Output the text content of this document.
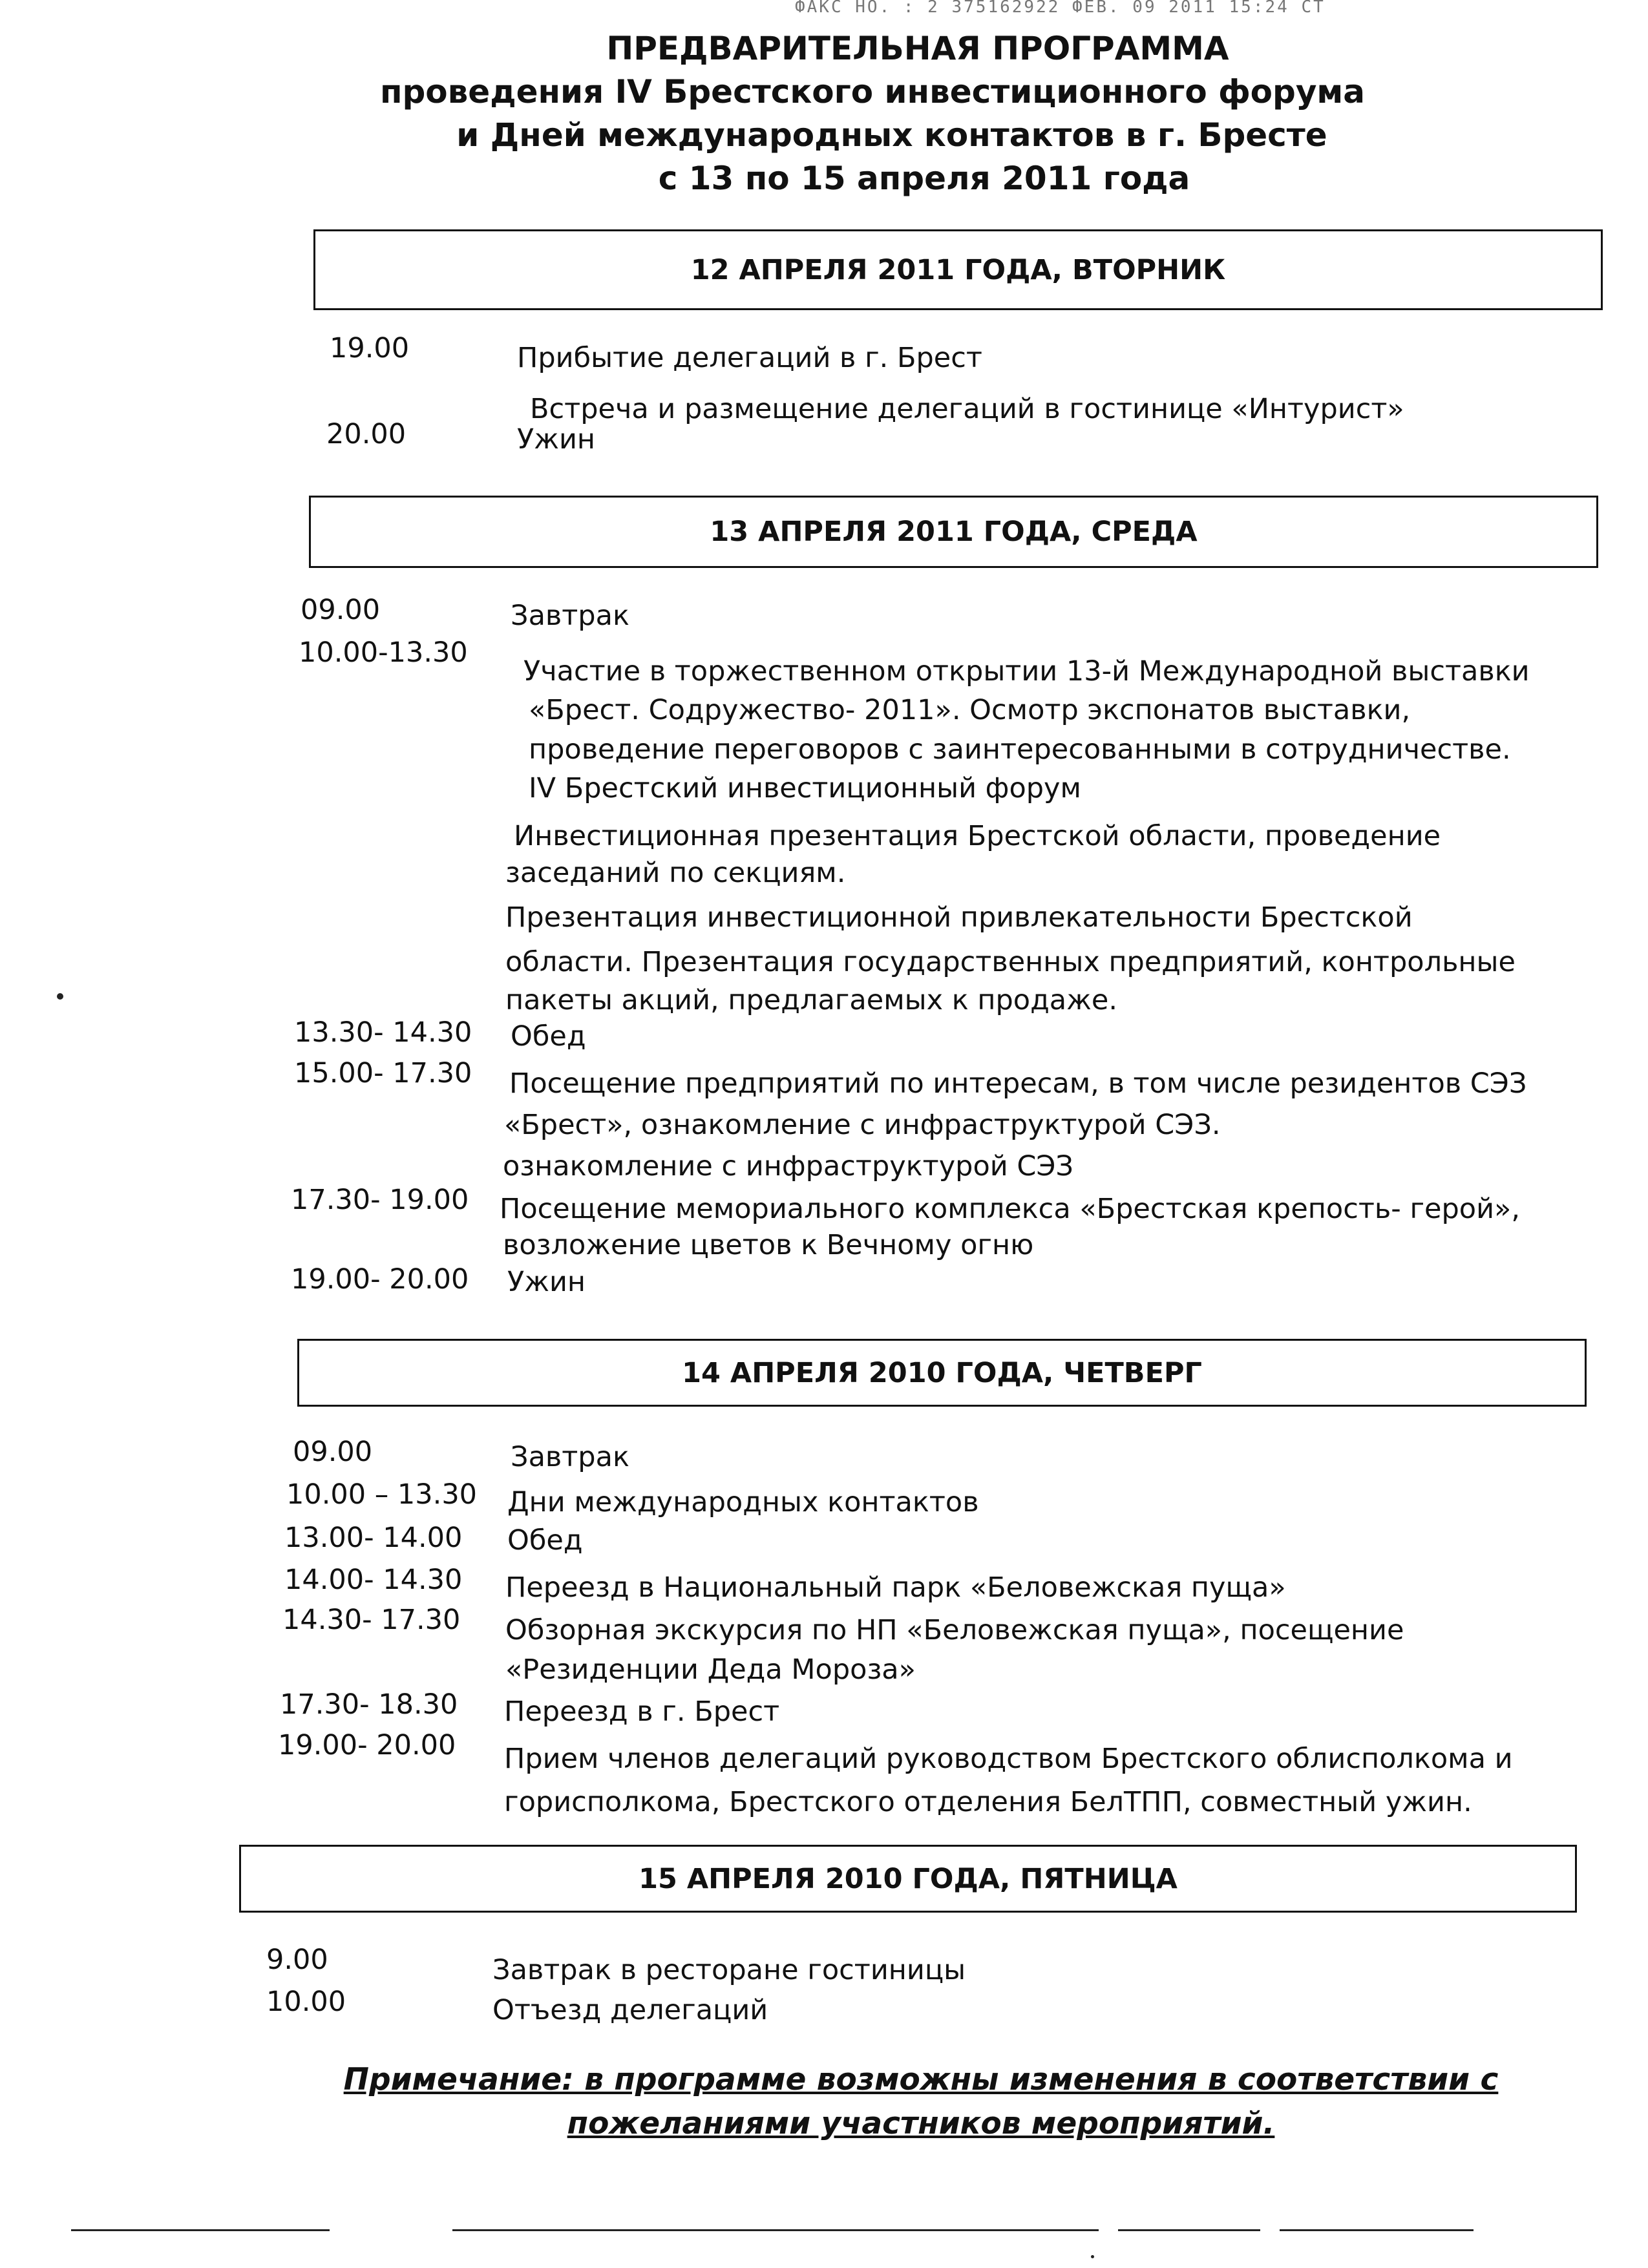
ФАКС НО. : 2 375162922 ФЕВ. 09 2011 15:24 СТ
ПРЕДВАРИТЕЛЬНАЯ ПРОГРАММА
проведения IV Брестского инвестиционного форума
и Дней международных контактов в г. Бресте
с 13 по 15 апреля 2011 года
12 АПРЕЛЯ 2011 ГОДА, ВТОРНИК
19.00	Прибытие делегаций в г. Брест
Встреча и размещение делегаций в гостинице «Интурист»
20.00	Ужин
13 АПРЕЛЯ 2011 ГОДА, СРЕДА
09.00	Завтрак
10.00-13.30
Участие в торжественном открытии 13-й Международной выставки
«Брест. Содружество- 2011». Осмотр экспонатов выставки,
проведение переговоров с заинтересованными в сотрудничестве.
IV Брестский инвестиционный форум
Инвестиционная презентация Брестской области, проведение
заседаний по секциям.
Презентация инвестиционной привлекательности Брестской
области. Презентация государственных предприятий, контрольные
пакеты акций, предлагаемых к продаже.
13.30- 14.30 Обед
15.00- 17.30 Посещение предприятий по интересам, в том числе резидентов СЭЗ
«Брест», ознакомление с инфраструктурой СЭЗ.
ознакомление с инфраструктурой СЭЗ
17.30- 19.00 Посещение мемориального комплекса «Брестская крепость- герой»,
возложение цветов к Вечному огню
19.00- 20.00 Ужин
14 АПРЕЛЯ 2010 ГОДА, ЧЕТВЕРГ
09.00	Завтрак
10.00 – 13.30 Дни международных контактов
13.00- 14.00 Обед
14.00- 14.30 Переезд в Национальный парк «Беловежская пуща»
14.30- 17.30 Обзорная экскурсия по НП «Беловежская пуща», посещение
«Резиденции Деда Мороза»
17.30- 18.30 Переезд в г. Брест
19.00- 20.00 Прием членов делегаций руководством Брестского облисполкома и
горисполкома, Брестского отделения БелТПП, совместный ужин.
15 АПРЕЛЯ 2010 ГОДА, ПЯТНИЦА
9.00	Завтрак в ресторане гостиницы
10.00	Отъезд делегаций
Примечание: в программе возможны изменения в соответствии с
пожеланиями участников мероприятий.
